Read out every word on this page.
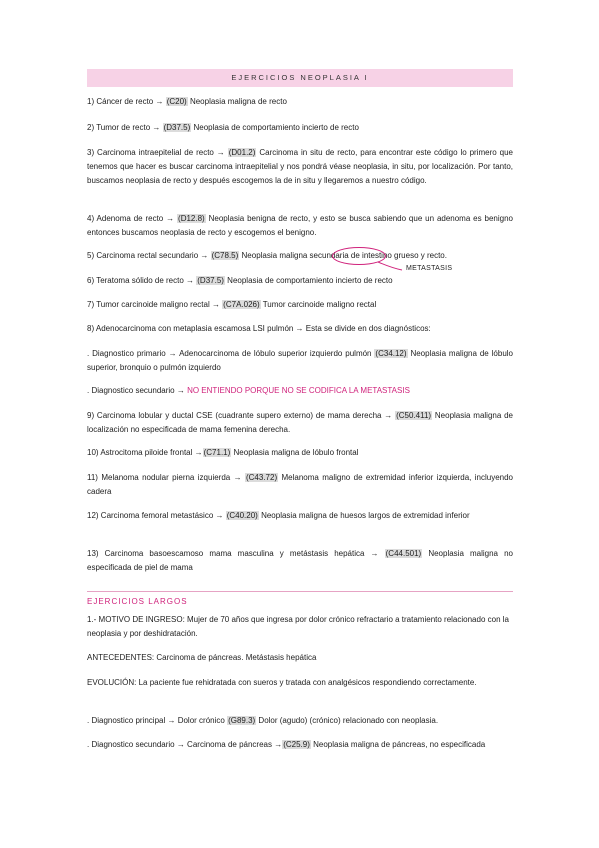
EJERCICIOS NEOPLASIA I
1) Cáncer de recto → (C20) Neoplasia maligna de recto
2) Tumor de recto → (D37.5) Neoplasia de comportamiento incierto de recto
3) Carcinoma intraepitelial de recto → (D01.2) Carcinoma in situ de recto, para encontrar este código lo primero que tenemos que hacer es buscar carcinoma intraepitelial y nos pondrá véase neoplasia, in situ, por localización. Por tanto, buscamos neoplasia de recto y después escogemos la de in situ y llegaremos a nuestro código.
4) Adenoma de recto → (D12.8) Neoplasia benigna de recto, y esto se busca sabiendo que un adenoma es benigno entonces buscamos neoplasia de recto y escogemos el benigno.
5) Carcinoma rectal secundario → (C78.5) Neoplasia maligna secundaria de intestino grueso y recto.
METASTASIS
6) Teratoma sólido de recto → (D37.5) Neoplasia de comportamiento incierto de recto
7) Tumor carcinoide maligno rectal → (C7A.026) Tumor carcinoide maligno rectal
8) Adenocarcinoma con metaplasia escamosa LSI pulmón → Esta se divide en dos diagnósticos:
. Diagnostico primario → Adenocarcinoma de lóbulo superior izquierdo pulmón (C34.12) Neoplasia maligna de lóbulo superior, bronquio o pulmón izquierdo
. Diagnostico secundario → NO ENTIENDO PORQUE NO SE CODIFICA LA METASTASIS
9) Carcinoma lobular y ductal CSE (cuadrante supero externo) de mama derecha → (C50.411) Neoplasia maligna de localización no especificada de mama femenina derecha.
10) Astrocitoma piloide frontal →(C71.1) Neoplasia maligna de lóbulo frontal
11) Melanoma nodular pierna izquierda → (C43.72) Melanoma maligno de extremidad inferior izquierda, incluyendo cadera
12) Carcinoma femoral metastásico → (C40.20) Neoplasia maligna de huesos largos de extremidad inferior
13) Carcinoma basoescamoso mama masculina y metástasis hepática → (C44.501) Neoplasia maligna no especificada de piel de mama
EJERCICIOS LARGOS
1.- MOTIVO DE INGRESO: Mujer de 70 años que ingresa por dolor crónico refractario a tratamiento relacionado con la neoplasia y por deshidratación.
ANTECEDENTES: Carcinoma de páncreas. Metástasis hepática
EVOLUCIÓN: La paciente fue rehidratada con sueros y tratada con analgésicos respondiendo correctamente.
. Diagnostico principal → Dolor crónico (G89.3) Dolor (agudo) (crónico) relacionado con neoplasia.
. Diagnostico secundario → Carcinoma de páncreas →(C25.9) Neoplasia maligna de páncreas, no especificada
